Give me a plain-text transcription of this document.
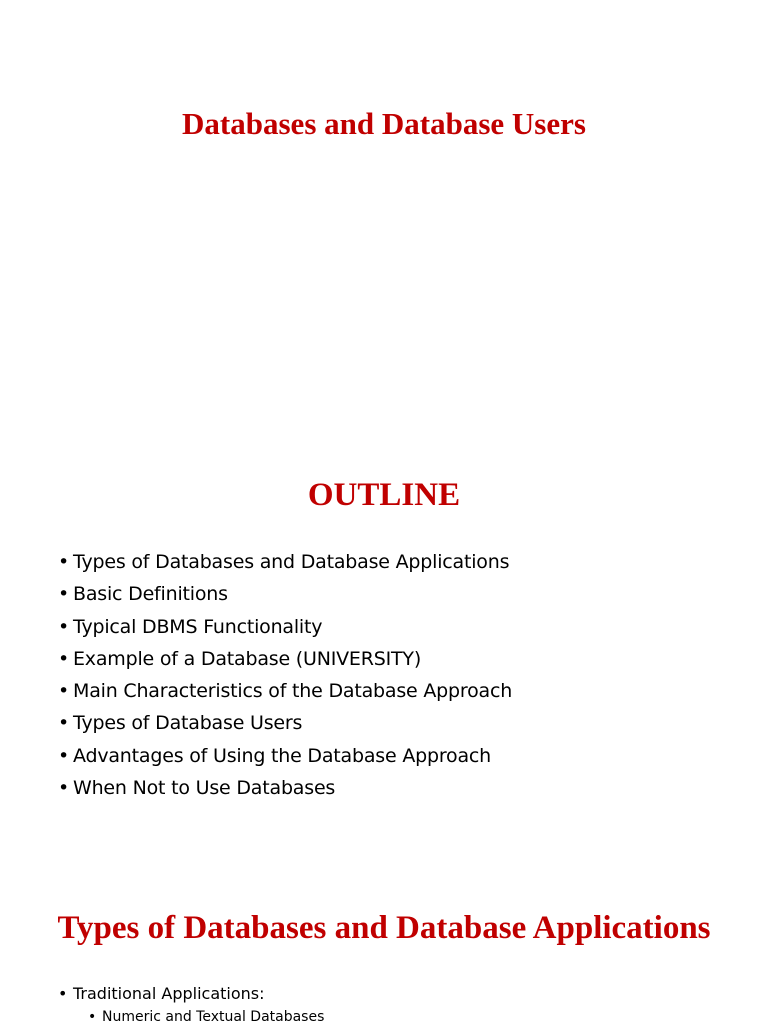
Databases and Database Users
OUTLINE
• Types of Databases and Database Applications
• Basic Definitions
• Typical DBMS Functionality
• Example of a Database (UNIVERSITY)
• Main Characteristics of the Database Approach
• Types of Database Users
• Advantages of Using the Database Approach
• When Not to Use Databases
Types of Databases and Database Applications
• Traditional Applications:
• Numeric and Textual Databases
